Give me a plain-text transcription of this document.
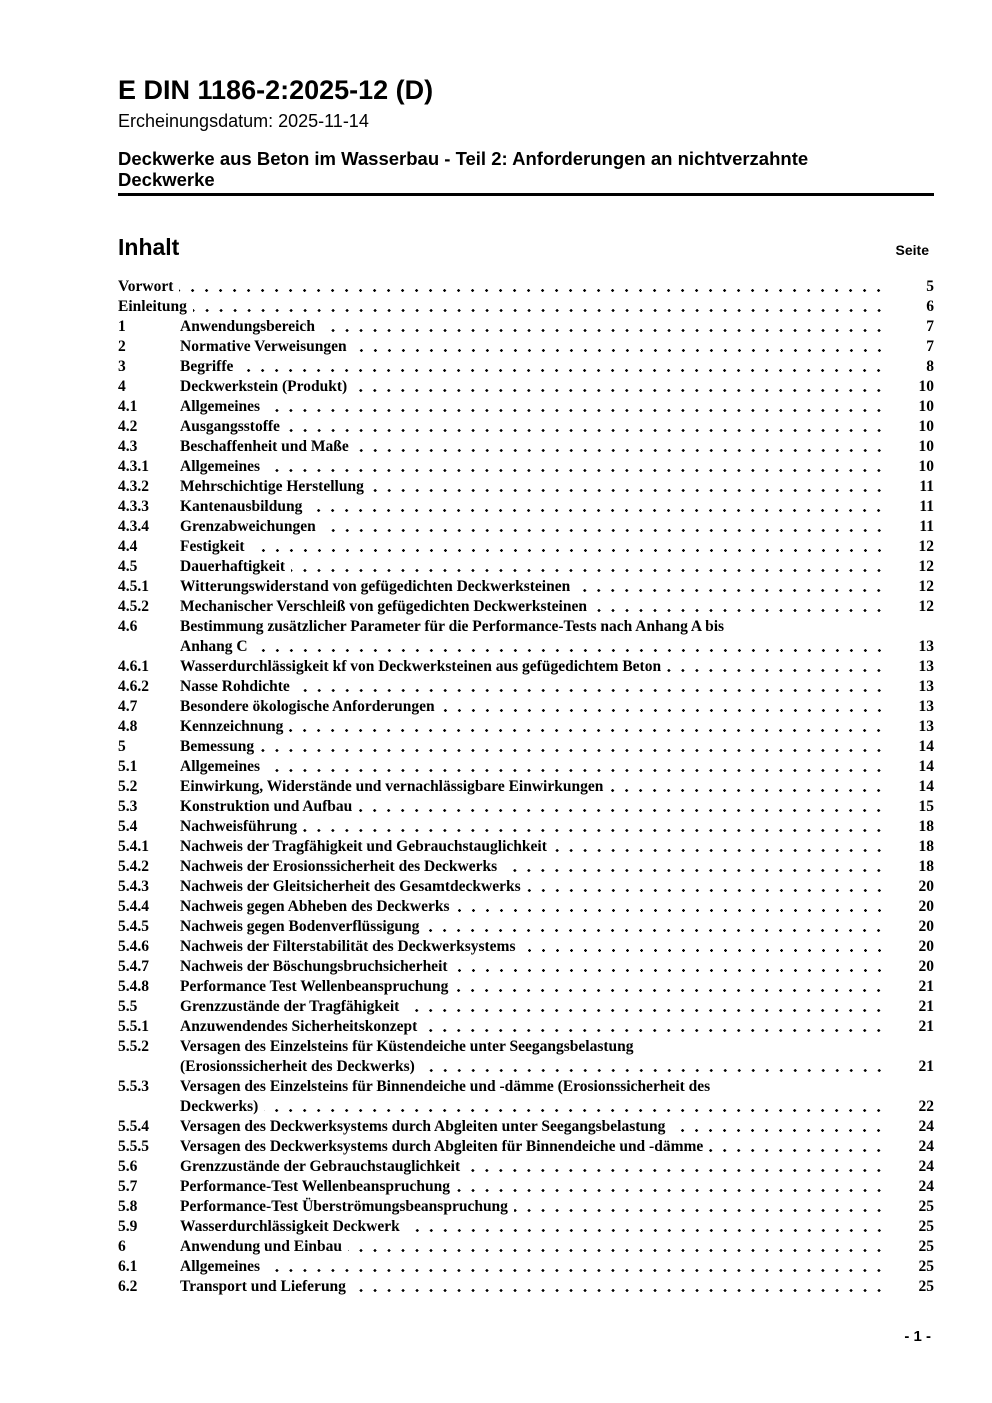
E DIN 1186-2:2025-12 (D)
Ercheinungsdatum: 2025-11-14
Deckwerke aus Beton im Wasserbau - Teil 2: Anforderungen an nichtverzahnte
Deckwerke
Inhalt	Seite
Vorwort	5
Einleitung	6
1	Anwendungsbereich	7
2	Normative Verweisungen	7
3	Begriffe	8
4	Deckwerkstein (Produkt)	10
4.1	Allgemeines	10
4.2	Ausgangsstoffe	10
4.3	Beschaffenheit und Maße	10
4.3.1	Allgemeines	10
4.3.2	Mehrschichtige Herstellung	11
4.3.3	Kantenausbildung	11
4.3.4	Grenzabweichungen	11
4.4	Festigkeit	12
4.5	Dauerhaftigkeit	12
4.5.1	Witterungswiderstand von gefügedichten Deckwerksteinen	12
4.5.2	Mechanischer Verschleiß von gefügedichten Deckwerksteinen	12
4.6	Bestimmung zusätzlicher Parameter für die Performance-Tests nach Anhang A bis
Anhang C	13
4.6.1	Wasserdurchlässigkeit kf von Deckwerksteinen aus gefügedichtem Beton	13
4.6.2	Nasse Rohdichte	13
4.7	Besondere ökologische Anforderungen	13
4.8	Kennzeichnung	13
5	Bemessung	14
5.1	Allgemeines	14
5.2	Einwirkung, Widerstände und vernachlässigbare Einwirkungen	14
5.3	Konstruktion und Aufbau	15
5.4	Nachweisführung	18
5.4.1	Nachweis der Tragfähigkeit und Gebrauchstauglichkeit	18
5.4.2	Nachweis der Erosionssicherheit des Deckwerks	18
5.4.3	Nachweis der Gleitsicherheit des Gesamtdeckwerks	20
5.4.4	Nachweis gegen Abheben des Deckwerks	20
5.4.5	Nachweis gegen Bodenverflüssigung	20
5.4.6	Nachweis der Filterstabilität des Deckwerksystems	20
5.4.7	Nachweis der Böschungsbruchsicherheit	20
5.4.8	Performance Test Wellenbeanspruchung	21
5.5	Grenzzustände der Tragfähigkeit	21
5.5.1	Anzuwendendes Sicherheitskonzept	21
5.5.2	Versagen des Einzelsteins für Küstendeiche unter Seegangsbelastung
(Erosionssicherheit des Deckwerks)	21
5.5.3	Versagen des Einzelsteins für Binnendeiche und -dämme (Erosionssicherheit des
Deckwerks)	22
5.5.4	Versagen des Deckwerksystems durch Abgleiten unter Seegangsbelastung	24
5.5.5	Versagen des Deckwerksystems durch Abgleiten für Binnendeiche und -dämme	24
5.6	Grenzzustände der Gebrauchstauglichkeit	24
5.7	Performance-Test Wellenbeanspruchung	24
5.8	Performance-Test Überströmungsbeanspruchung	25
5.9	Wasserdurchlässigkeit Deckwerk	25
6	Anwendung und Einbau	25
6.1	Allgemeines	25
6.2	Transport und Lieferung	25
- 1 -
